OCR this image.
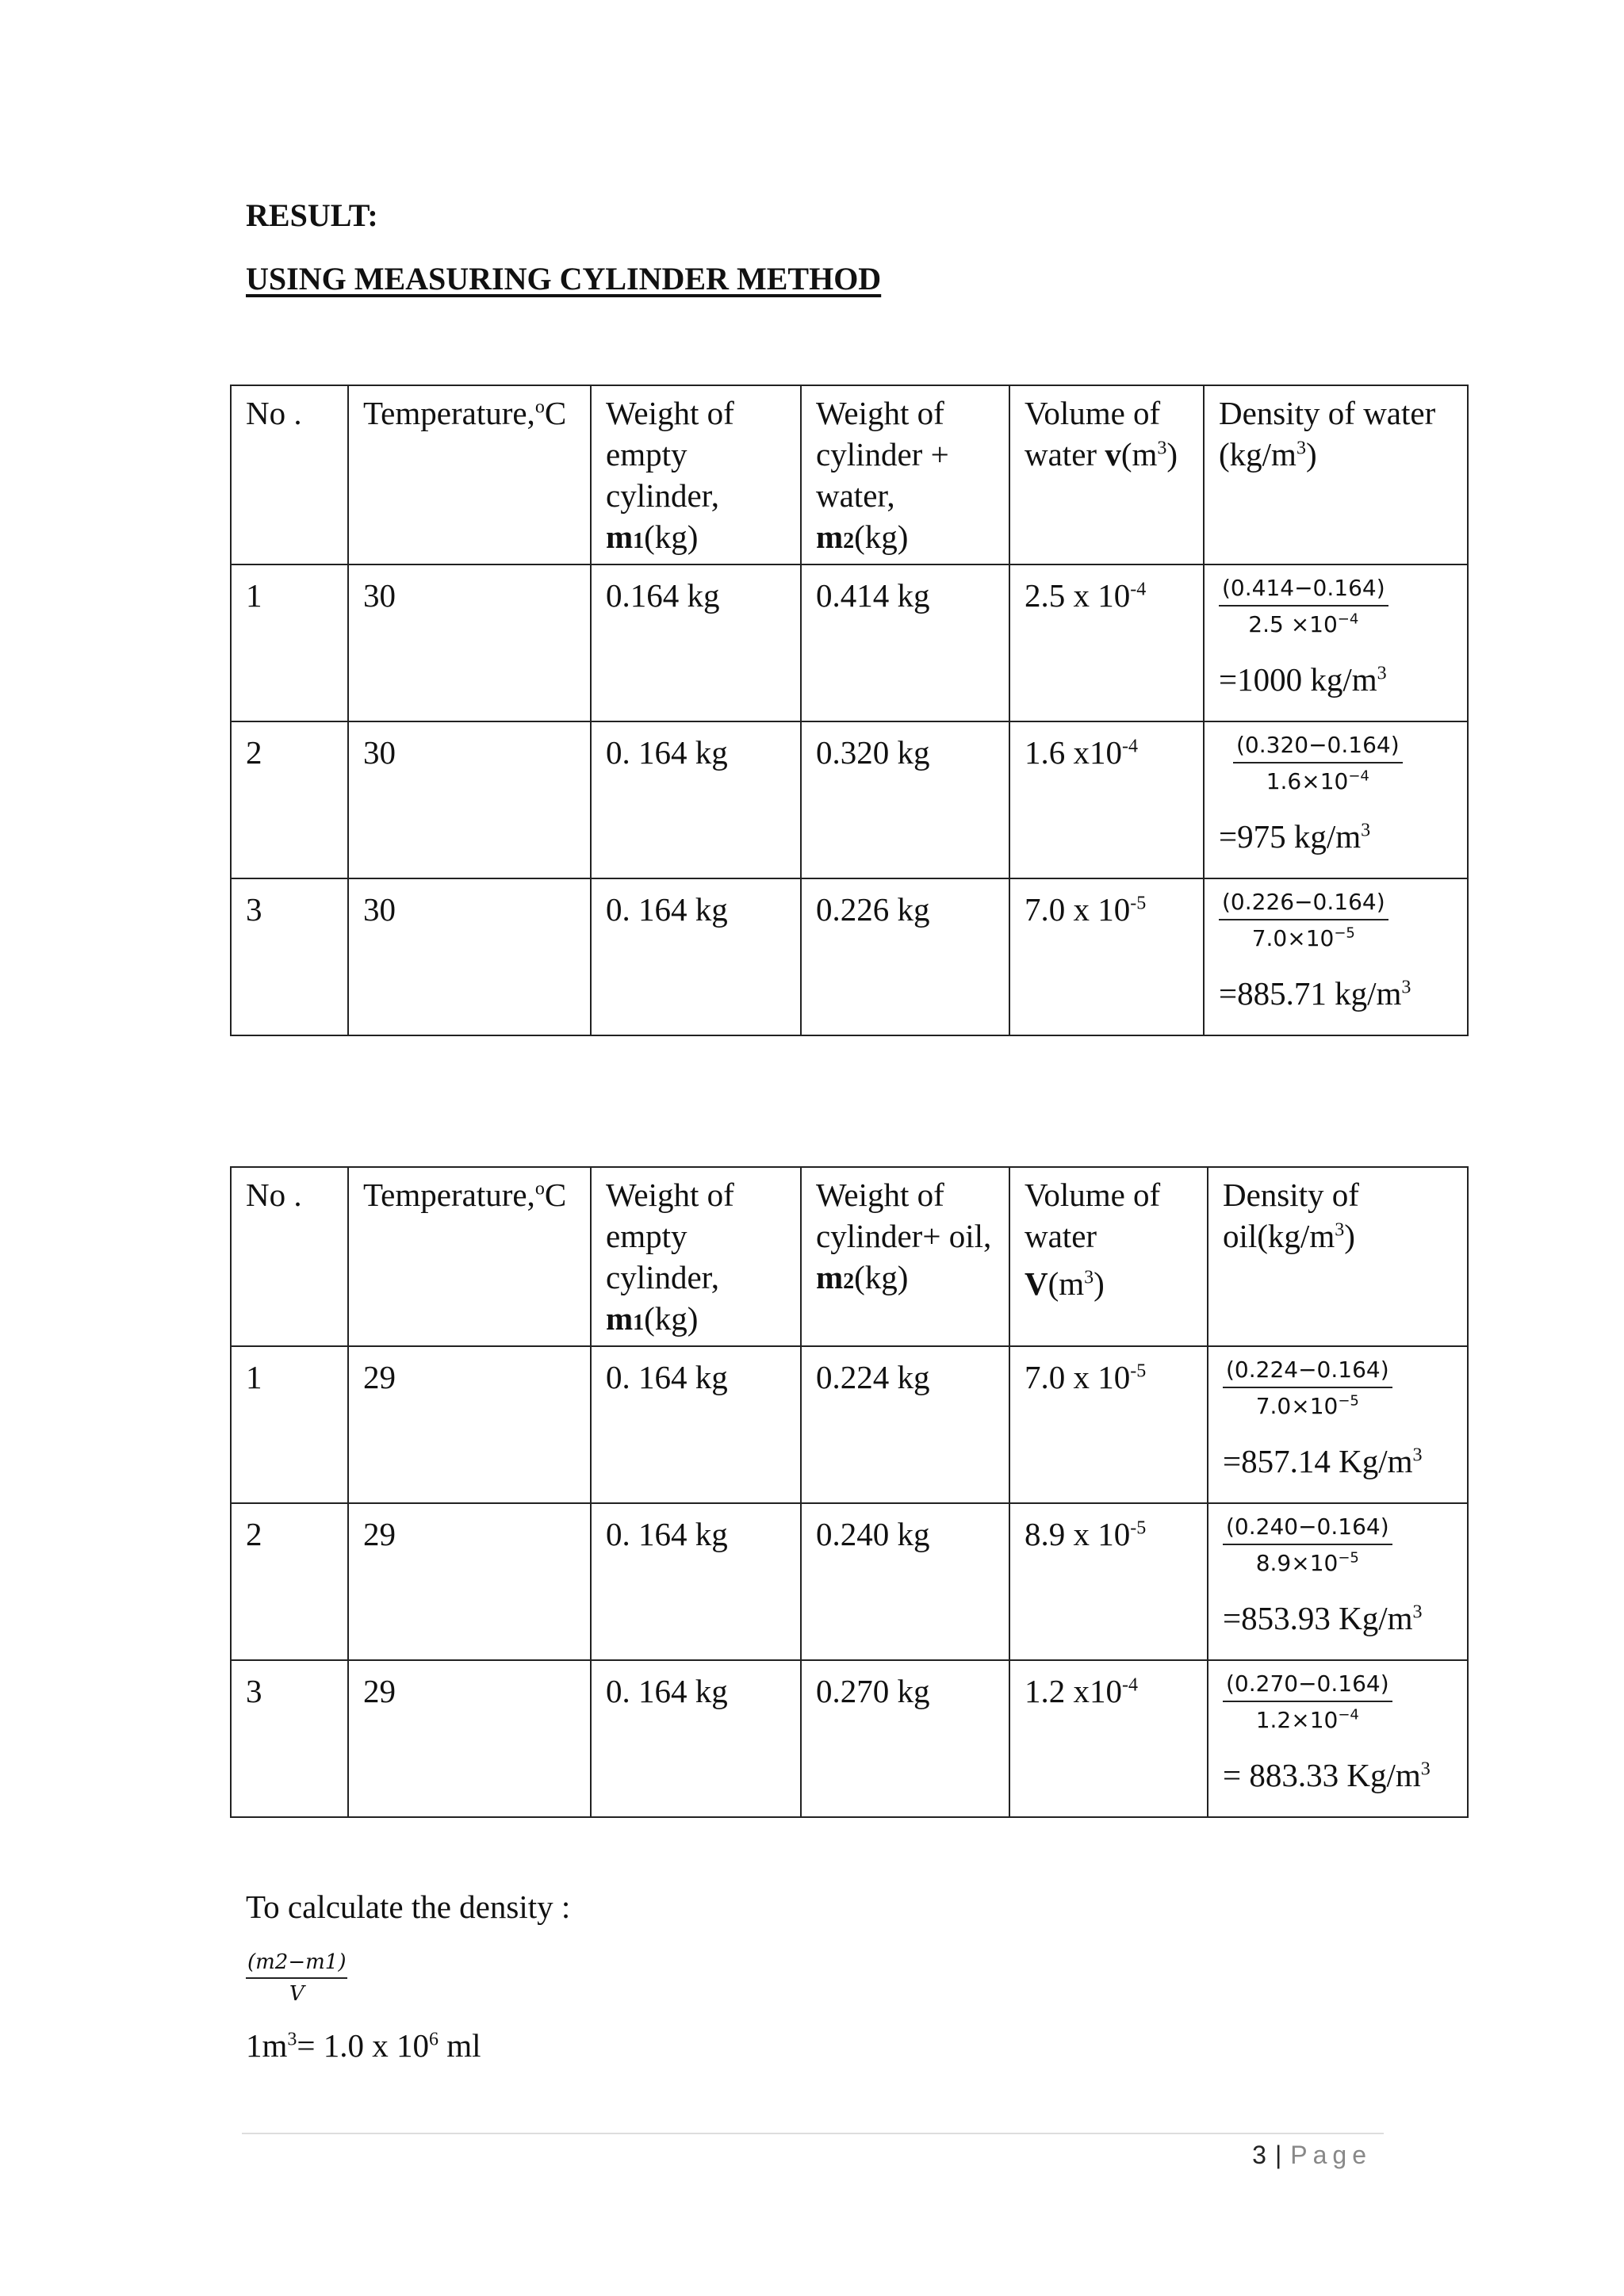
RESULT:
USING MEASURING CYLINDER METHOD
No .	Temperature,$^o$C	Weight of
empty
cylinder,
m1(kg)	Weight of
cylinder +
water,
m2(kg)	Volume of
water $v(m^3)$	Density of water
$(kg/m^3)$
1	30	0.164 kg	0.414 kg	2.5 x $10^{-4}$	$\frac{(0.414-0.164)}{2.5 \times 10^{-4}}$
=1000 $kg/m^3$

2	30	0. 164 kg	0.320 kg	1.6 $x10^{-4}$	$\frac{(0.320-0.164)}{1.6\times 10^{-4}}$
=975 $kg/m^3$

3	30	0. 164 kg	0.226 kg	7.0 x $10^{-5}$	$\frac{(0.226-0.164)}{7.0\times 10^{-5}}$
=885.71 $kg/m^3$
No .	Temperature,$^o$C	Weight of
empty
cylinder,
m1(kg)	Weight of
cylinder+ oil,
m2(kg)	Volume of
water
$V(m^3)$	Density of
$oil(kg/m^3)$
1	29	0. 164 kg	0.224 kg	7.0 x $10^{-5}$	$\frac{(0.224-0.164)}{7.0\times 10^{-5}}$
=857.14 $Kg/m^3$

2	29	0. 164 kg	0.240 kg	8.9 x $10^{-5}$	$\frac{(0.240-0.164)}{8.9\times 10^{-5}}$
=853.93 $Kg/m^3$

3	29	0. 164 kg	0.270 kg	1.2 $x10^{-4}$	$\frac{(0.270-0.164)}{1.2\times 10^{-4}}$
= 883.33 $Kg/m^3$
To calculate the density :
$\frac{(m2-m1)}{V}$
$1m^3= 1.0$ x $10^6$ ml
3 | Page
